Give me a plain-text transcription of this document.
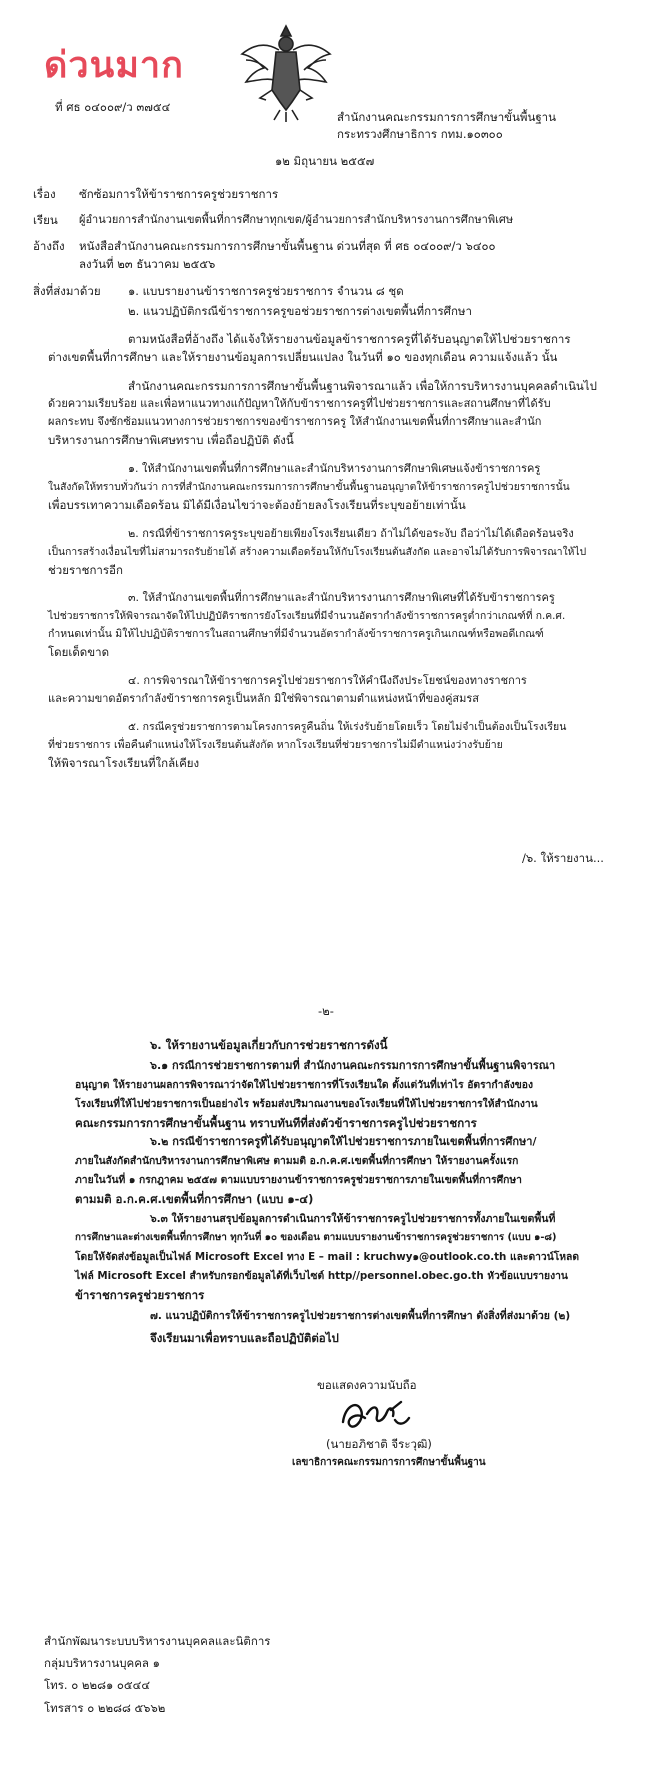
ด่วนมาก
ที่ ศธ ๐๔๐๐๙/ว ๓๗๕๔
สำนักงานคณะกรรมการการศึกษาขั้นพื้นฐาน
กระทรวงศึกษาธิการ กทม.๑๐๓๐๐
๑๒ มิถุนายน ๒๕๕๗
เรื่อง ซักซ้อมการให้ข้าราชการครูช่วยราชการ
เรียน ผู้อำนวยการสำนักงานเขตพื้นที่การศึกษาทุกเขต/ผู้อำนวยการสำนักบริหารงานการศึกษาพิเศษ
อ้างถึง หนังสือสำนักงานคณะกรรมการการศึกษาขั้นพื้นฐาน ด่วนที่สุด ที่ ศธ ๐๔๐๐๙/ว ๖๔๐๐
ลงวันที่ ๒๓ ธันวาคม ๒๕๕๖
สิ่งที่ส่งมาด้วย ๑. แบบรายงานข้าราชการครูช่วยราชการ จำนวน ๘ ชุด
๒. แนวปฏิบัติกรณีข้าราชการครูขอช่วยราชการต่างเขตพื้นที่การศึกษา
ตามหนังสือที่อ้างถึง ได้แจ้งให้รายงานข้อมูลข้าราชการครูที่ได้รับอนุญาตให้ไปช่วยราชการ
ต่างเขตพื้นที่การศึกษา และให้รายงานข้อมูลการเปลี่ยนแปลง ในวันที่ ๑๐ ของทุกเดือน ความแจ้งแล้ว นั้น
สำนักงานคณะกรรมการการศึกษาขั้นพื้นฐานพิจารณาแล้ว เพื่อให้การบริหารงานบุคคลดำเนินไป
ด้วยความเรียบร้อย และเพื่อหาแนวทางแก้ปัญหาให้กับข้าราชการครูที่ไปช่วยราชการและสถานศึกษาที่ได้รับ
ผลกระทบ จึงซักซ้อมแนวทางการช่วยราชการของข้าราชการครู ให้สำนักงานเขตพื้นที่การศึกษาและสำนัก
บริหารงานการศึกษาพิเศษทราบ เพื่อถือปฏิบัติ ดังนี้
๑. ให้สำนักงานเขตพื้นที่การศึกษาและสำนักบริหารงานการศึกษาพิเศษแจ้งข้าราชการครู
ในสังกัดให้ทราบทั่วกันว่า การที่สำนักงานคณะกรรมการการศึกษาขั้นพื้นฐานอนุญาตให้ข้าราชการครูไปช่วยราชการนั้น
เพื่อบรรเทาความเดือดร้อน มิได้มีเงื่อนไขว่าจะต้องย้ายลงโรงเรียนที่ระบุขอย้ายเท่านั้น
๒. กรณีที่ข้าราชการครูระบุขอย้ายเพียงโรงเรียนเดียว ถ้าไม่ได้ขอระงับ ถือว่าไม่ได้เดือดร้อนจริง
เป็นการสร้างเงื่อนไขที่ไม่สามารถรับย้ายได้ สร้างความเดือดร้อนให้กับโรงเรียนต้นสังกัด และอาจไม่ได้รับการพิจารณาให้ไป
ช่วยราชการอีก
๓. ให้สำนักงานเขตพื้นที่การศึกษาและสำนักบริหารงานการศึกษาพิเศษที่ได้รับข้าราชการครู
ไปช่วยราชการให้พิจารณาจัดให้ไปปฏิบัติราชการยังโรงเรียนที่มีจำนวนอัตรากำลังข้าราชการครูต่ำกว่าเกณฑ์ที่ ก.ค.ศ.
กำหนดเท่านั้น มิให้ไปปฏิบัติราชการในสถานศึกษาที่มีจำนวนอัตรากำลังข้าราชการครูเกินเกณฑ์หรือพอดีเกณฑ์
โดยเด็ดขาด
๔. การพิจารณาให้ข้าราชการครูไปช่วยราชการให้คำนึงถึงประโยชน์ของทางราชการ
และความขาดอัตรากำลังข้าราชการครูเป็นหลัก มิใช่พิจารณาตามตำแหน่งหน้าที่ของคู่สมรส
๕. กรณีครูช่วยราชการตามโครงการครูคืนถิ่น ให้เร่งรับย้ายโดยเร็ว โดยไม่จำเป็นต้องเป็นโรงเรียน
ที่ช่วยราชการ เพื่อคืนตำแหน่งให้โรงเรียนต้นสังกัด หากโรงเรียนที่ช่วยราชการไม่มีตำแหน่งว่างรับย้าย
ให้พิจารณาโรงเรียนที่ใกล้เคียง
/๖. ให้รายงาน...
-๒-
๖. ให้รายงานข้อมูลเกี่ยวกับการช่วยราชการดังนี้
๖.๑ กรณีการช่วยราชการตามที่ สำนักงานคณะกรรมการการศึกษาขั้นพื้นฐานพิจารณา
อนุญาต ให้รายงานผลการพิจารณาว่าจัดให้ไปช่วยราชการที่โรงเรียนใด ตั้งแต่วันที่เท่าไร อัตรากำลังของ
โรงเรียนที่ให้ไปช่วยราชการเป็นอย่างไร พร้อมส่งปริมาณงานของโรงเรียนที่ให้ไปช่วยราชการให้สำนักงาน
คณะกรรมการการศึกษาขั้นพื้นฐาน ทราบทันทีที่ส่งตัวข้าราชการครูไปช่วยราชการ
๖.๒ กรณีข้าราชการครูที่ได้รับอนุญาตให้ไปช่วยราชการภายในเขตพื้นที่การศึกษา/
ภายในสังกัดสำนักบริหารงานการศึกษาพิเศษ ตามมติ อ.ก.ค.ศ.เขตพื้นที่การศึกษา ให้รายงานครั้งแรก
ภายในวันที่ ๑ กรกฎาคม ๒๕๕๗ ตามแบบรายงานข้าราชการครูช่วยราชการภายในเขตพื้นที่การศึกษา
ตามมติ อ.ก.ค.ศ.เขตพื้นที่การศึกษา (แบบ ๑-๔)
๖.๓ ให้รายงานสรุปข้อมูลการดำเนินการให้ข้าราชการครูไปช่วยราชการทั้งภายในเขตพื้นที่
การศึกษาและต่างเขตพื้นที่การศึกษา ทุกวันที่ ๑๐ ของเดือน ตามแบบรายงานข้าราชการครูช่วยราชการ (แบบ ๑-๘)
โดยให้จัดส่งข้อมูลเป็นไฟล์ Microsoft Excel ทาง E – mail : kruchwy๑@outlook.co.th และดาวน์โหลด
ไฟล์ Microsoft Excel สำหรับกรอกข้อมูลได้ที่เว็บไซต์ http//personnel.obec.go.th หัวข้อแบบรายงาน
ข้าราชการครูช่วยราชการ
๗. แนวปฏิบัติการให้ข้าราชการครูไปช่วยราชการต่างเขตพื้นที่การศึกษา ดังสิ่งที่ส่งมาด้วย (๒)
จึงเรียนมาเพื่อทราบและถือปฏิบัติต่อไป
ขอแสดงความนับถือ
(นายอภิชาติ จีระวุฒิ)
เลขาธิการคณะกรรมการการศึกษาขั้นพื้นฐาน
สำนักพัฒนาระบบบริหารงานบุคคลและนิติการ
กลุ่มบริหารงานบุคคล ๑
โทร. ๐ ๒๒๘๑ ๐๕๔๔
โทรสาร ๐ ๒๒๘๘ ๕๖๖๒
